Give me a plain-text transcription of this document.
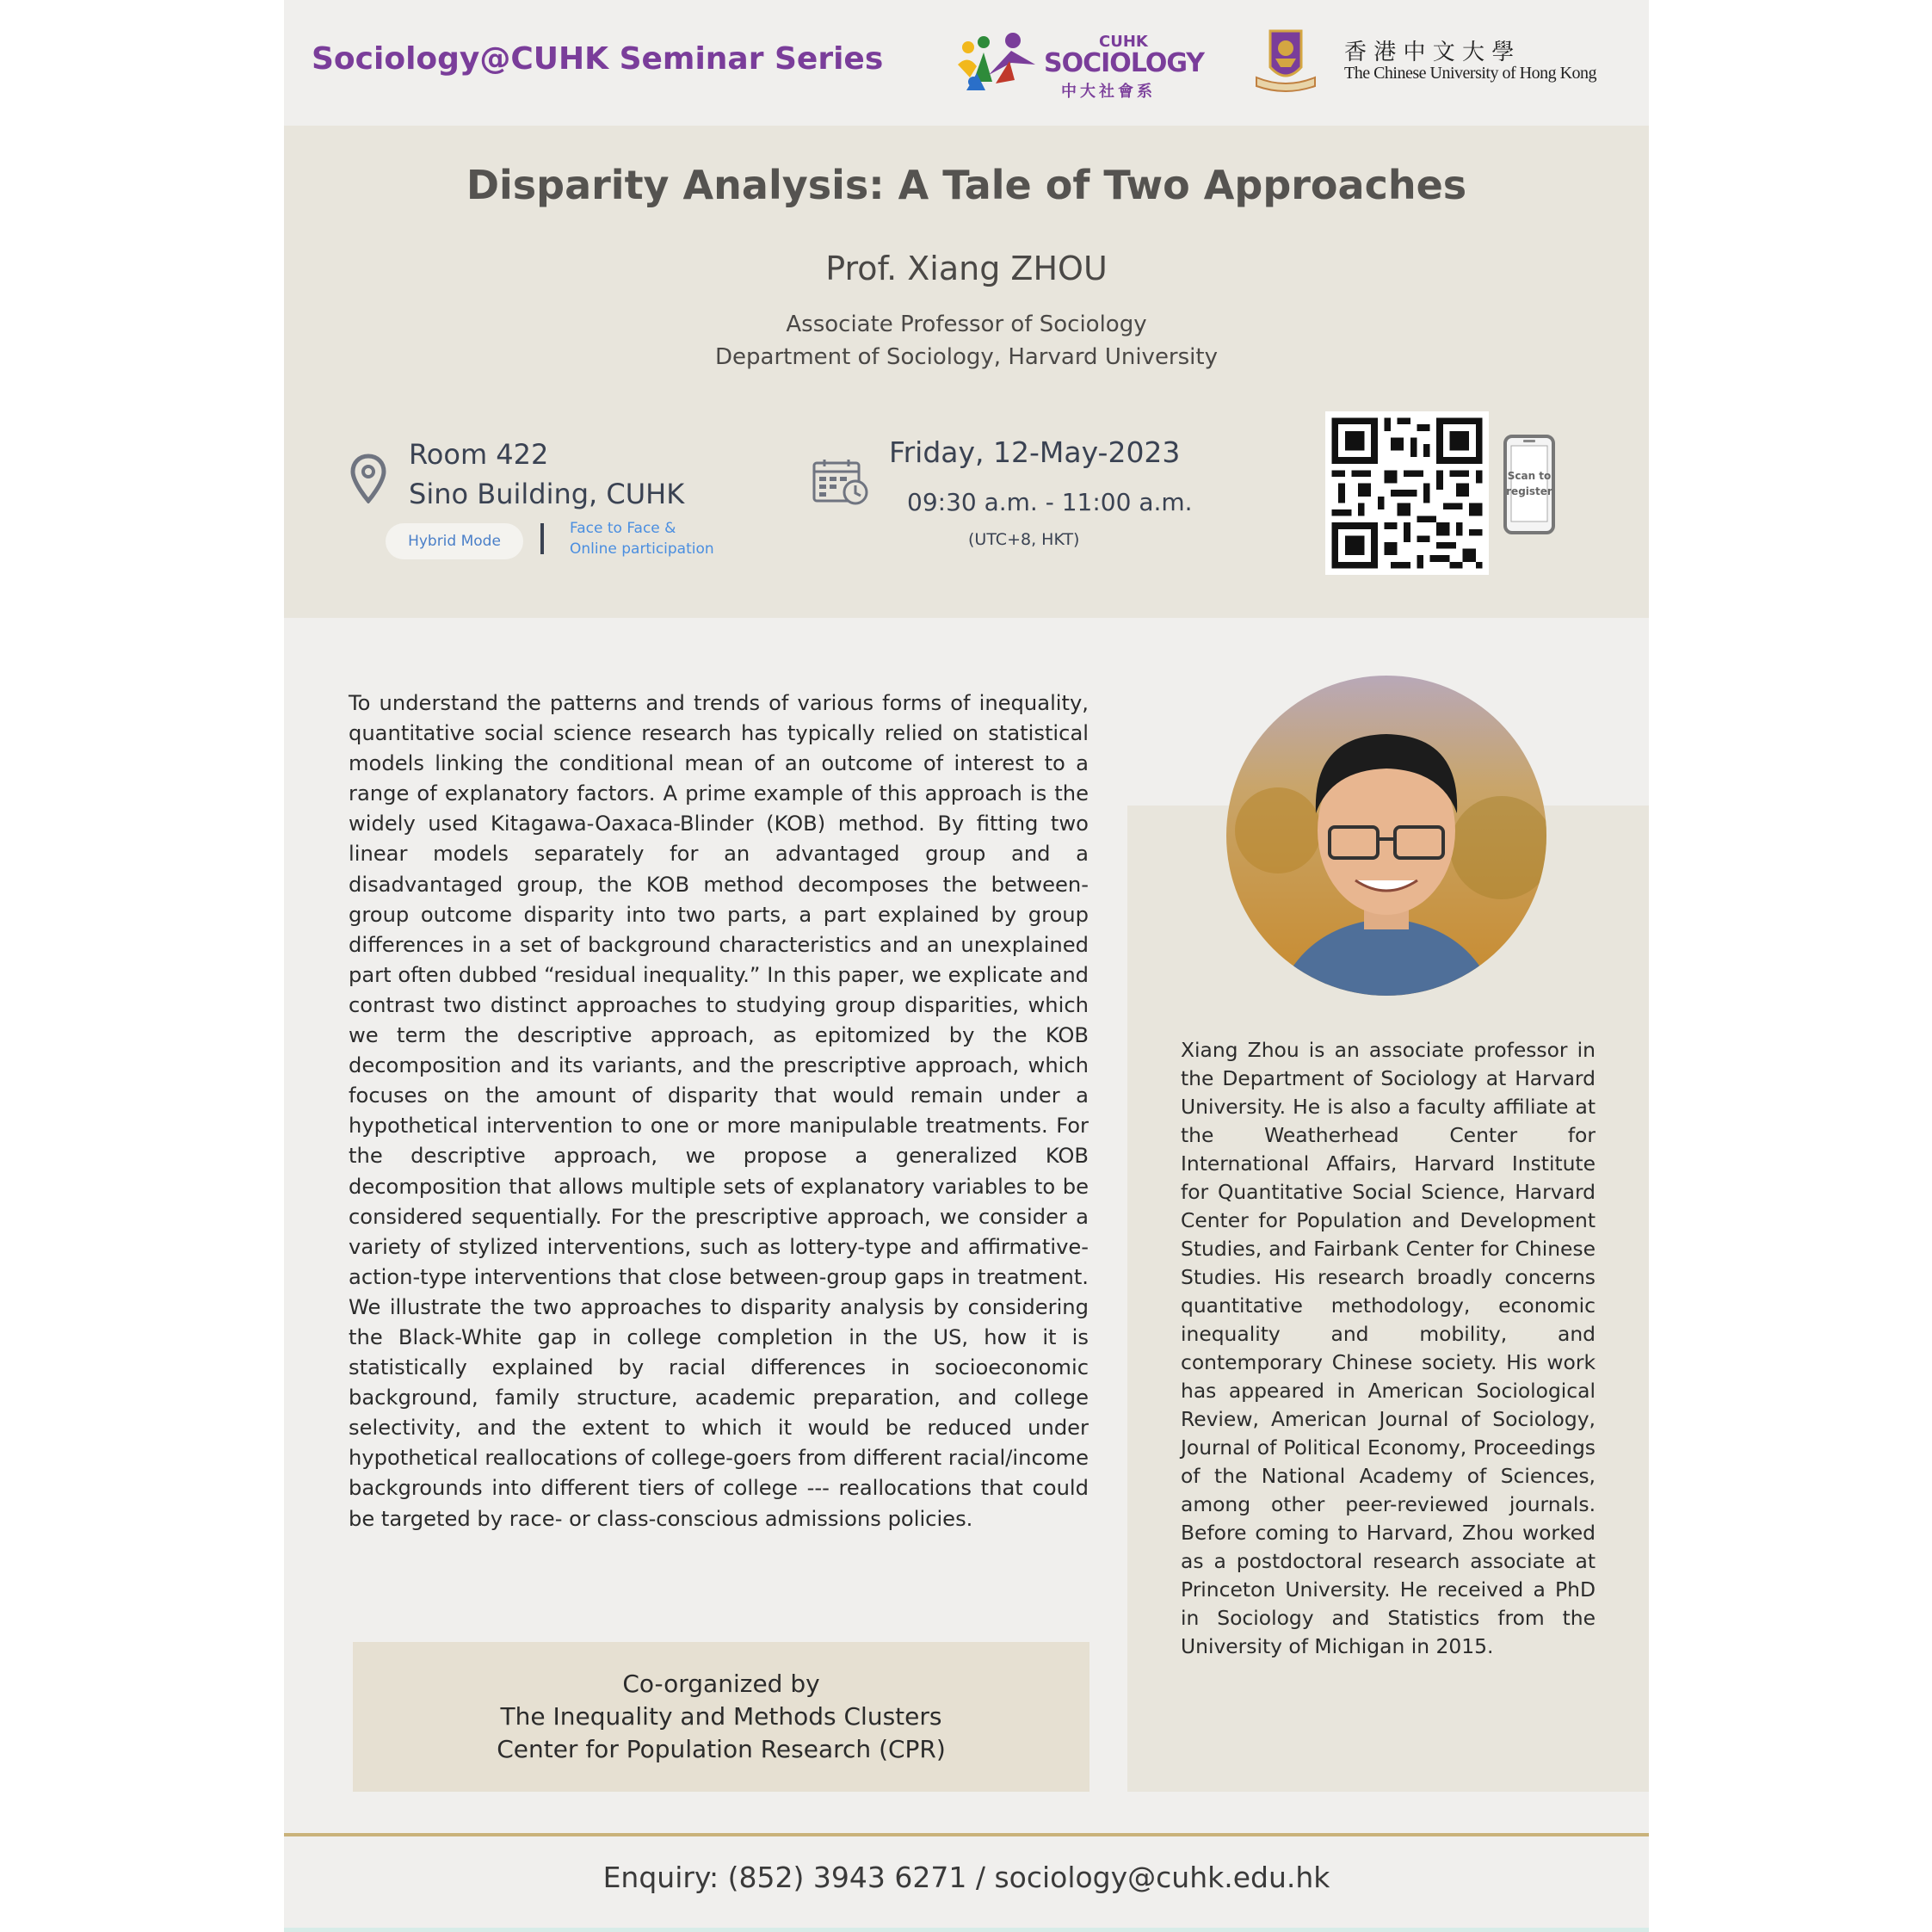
Sociology@CUHK Seminar Series	CUHK
SOCIOLOGY
中大社會系
香 港 中 文 大 學
The Chinese University of Hong Kong
Disparity Analysis: A Tale of Two Approaches
Prof. Xiang ZHOU
Associate Professor of Sociology
Department of Sociology, Harvard University
Room 422
Sino Building, CUHK
Hybrid Mode
Face to Face &
Online participation
Friday, 12-May-2023
09:30 a.m. - 11:00 a.m.
(UTC+8, HKT)
Scan to
register
To understand the patterns and trends of various forms of inequality, quantitative social science research has typically relied on statistical models linking the conditional mean of an outcome of interest to a range of explanatory factors. A prime example of this approach is the widely used Kitagawa-Oaxaca-Blinder (KOB) method. By fitting two linear models separately for an advantaged group and a disadvantaged group, the KOB method decomposes the between-group outcome disparity into two parts, a part explained by group differences in a set of background characteristics and an unexplained part often dubbed “residual inequality.” In this paper, we explicate and contrast two distinct approaches to studying group disparities, which we term the descriptive approach, as epitomized by the KOB decomposition and its variants, and the prescriptive approach, which focuses on the amount of disparity that would remain under a hypothetical intervention to one or more manipulable treatments. For the descriptive approach, we propose a generalized KOB decomposition that allows multiple sets of explanatory variables to be considered sequentially. For the prescriptive approach, we consider a variety of stylized interventions, such as lottery-type and affirmative-action-type interventions that close between-group gaps in treatment. We illustrate the two approaches to disparity analysis by considering the Black-White gap in college completion in the US, how it is statistically explained by racial differences in socioeconomic background, family structure, academic preparation, and college selectivity, and the extent to which it would be reduced under hypothetical reallocations of college-goers from different racial/income backgrounds into different tiers of college --- reallocations that could be targeted by race- or class-conscious admissions policies.
Co-organized by
The Inequality and Methods Clusters
Center for Population Research (CPR)
Xiang Zhou is an associate professor in the Department of Sociology at Harvard University. He is also a faculty affiliate at the Weatherhead Center for International Affairs, Harvard Institute for Quantitative Social Science, Harvard Center for Population and Development Studies, and Fairbank Center for Chinese Studies. His research broadly concerns quantitative methodology, economic inequality and mobility, and contemporary Chinese society. His work has appeared in American Sociological Review, American Journal of Sociology, Journal of Political Economy, Proceedings of the National Academy of Sciences, among other peer-reviewed journals. Before coming to Harvard, Zhou worked as a postdoctoral research associate at Princeton University. He received a PhD in Sociology and Statistics from the University of Michigan in 2015.
Enquiry: (852) 3943 6271 / sociology@cuhk.edu.hk
